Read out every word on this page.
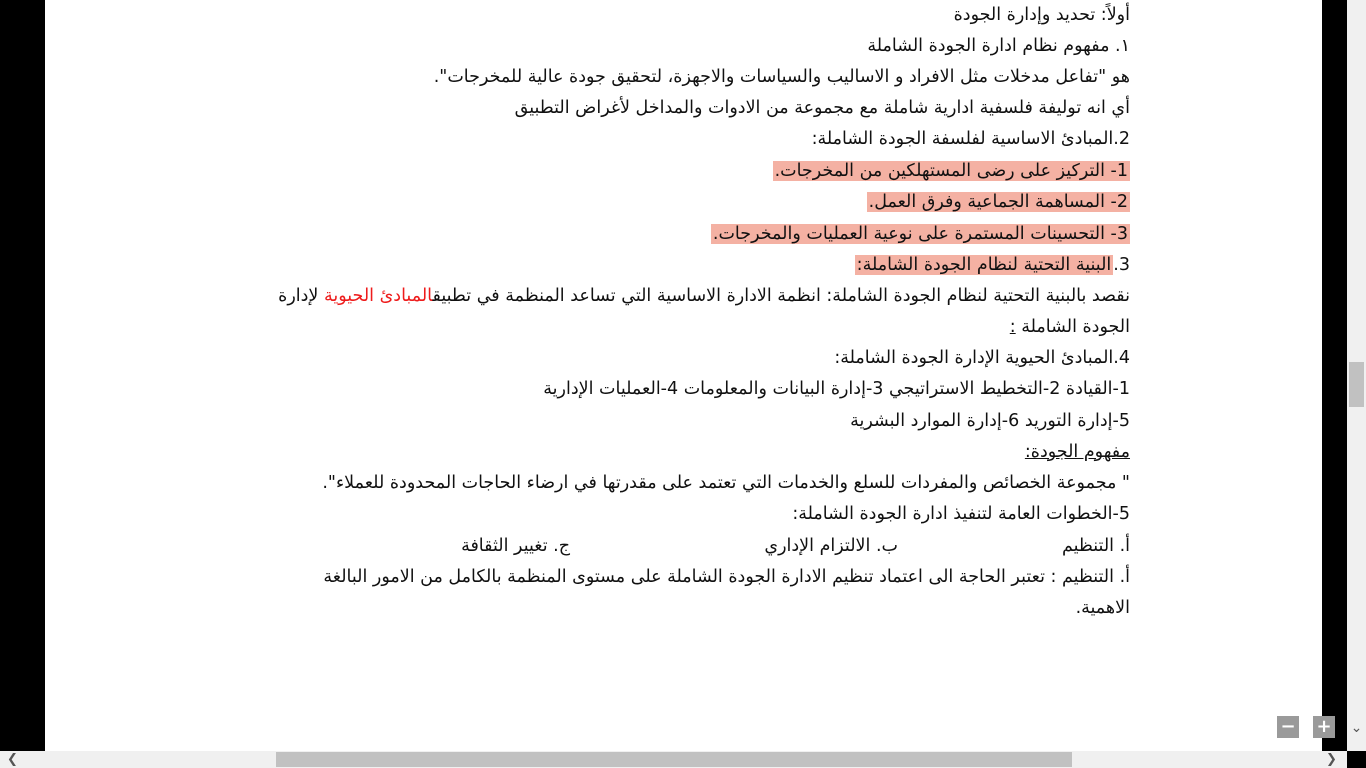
أولاً: تحديد وإدارة الجودة
١. مفهوم نظام ادارة الجودة الشاملة
هو "تفاعل مدخلات مثل الافراد و الاساليب والسياسات والاجهزة، لتحقيق جودة عالية للمخرجات".
أي انه توليفة فلسفية ادارية شاملة مع مجموعة من الادوات والمداخل لأغراض التطبيق
2.المبادئ الاساسية لفلسفة الجودة الشاملة:
1- التركيز على رضى المستهلكين من المخرجات.
2- المساهمة الجماعية وفرق العمل.
3- التحسينات المستمرة على نوعية العمليات والمخرجات.
3.البنية التحتية لنظام الجودة الشاملة:
نقصد بالبنية التحتية لنظام الجودة الشاملة: انظمة الادارة الاساسية التي تساعد المنظمة في تطبيقالمبادئ الحيوية لإدارة
الجودة الشاملة :
4.المبادئ الحيوية الإدارة الجودة الشاملة:
1-القيادة 2-التخطيط الاستراتيجي 3-إدارة البيانات والمعلومات 4-العمليات الإدارية
5-إدارة التوريد 6-إدارة الموارد البشرية
مفهوم الجودة:
" مجموعة الخصائص والمفردات للسلع والخدمات التي تعتمد على مقدرتها في ارضاء الحاجات المحدودة للعملاء".
5-الخطوات العامة لتنفيذ ادارة الجودة الشاملة:
أ. التنظيم
ب. الالتزام الإداري
ج. تغيير الثقافة
أ. التنظيم : تعتبر الحاجة الى اعتماد تنظيم الادارة الجودة الشاملة على مستوى المنظمة بالكامل من الامور البالغة
الاهمية.
− + ⌄
❮	❯
